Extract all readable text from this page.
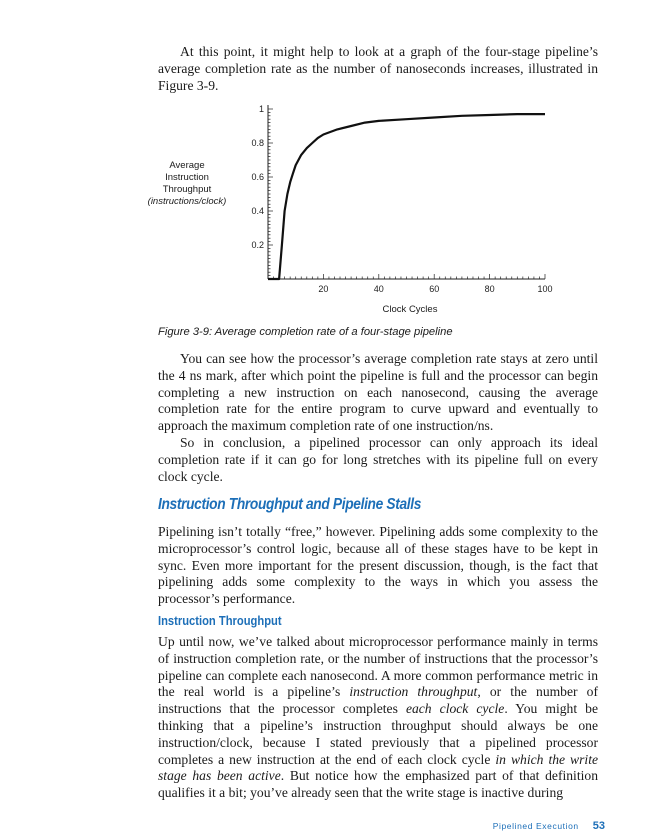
At this point, it might help to look at a graph of the four-stage pipeline’s average completion rate as the number of nanoseconds increases, illustrated in Figure 3-9.

20	40	60	80	100
0.2
0.4
0.6
0.8
1
Average
Instruction
Throughput
(instructions/clock)
Clock Cycles

Figure 3-9: Average completion rate of a four-stage pipeline

You can see how the processor’s average completion rate stays at zero until the 4 ns mark, after which point the pipeline is full and the processor can begin completing a new instruction on each nanosecond, causing the average completion rate for the entire program to curve upward and eventually to approach the maximum completion rate of one instruction/ns.

So in conclusion, a pipelined processor can only approach its ideal completion rate if it can go for long stretches with its pipeline full on every clock cycle.

Instruction Throughput and Pipeline Stalls

Pipelining isn’t totally “free,” however. Pipelining adds some complexity to the microprocessor’s control logic, because all of these stages have to be kept in sync. Even more important for the present discussion, though, is the fact that pipelining adds some complexity to the ways in which you assess the processor’s performance.

Instruction Throughput

Up until now, we’ve talked about microprocessor performance mainly in terms of instruction completion rate, or the number of instructions that the processor’s pipeline can complete each nanosecond. A more common performance metric in the real world is a pipeline’s instruction throughput, or the number of instructions that the processor completes each clock cycle. You might be thinking that a pipeline’s instruction throughput should always be one instruction/clock, because I stated previously that a pipelined processor completes a new instruction at the end of each clock cycle in which the write stage has been active. But notice how the emphasized part of that definition qualifies it a bit; you’ve already seen that the write stage is inactive during

Pipelined Execution 53
